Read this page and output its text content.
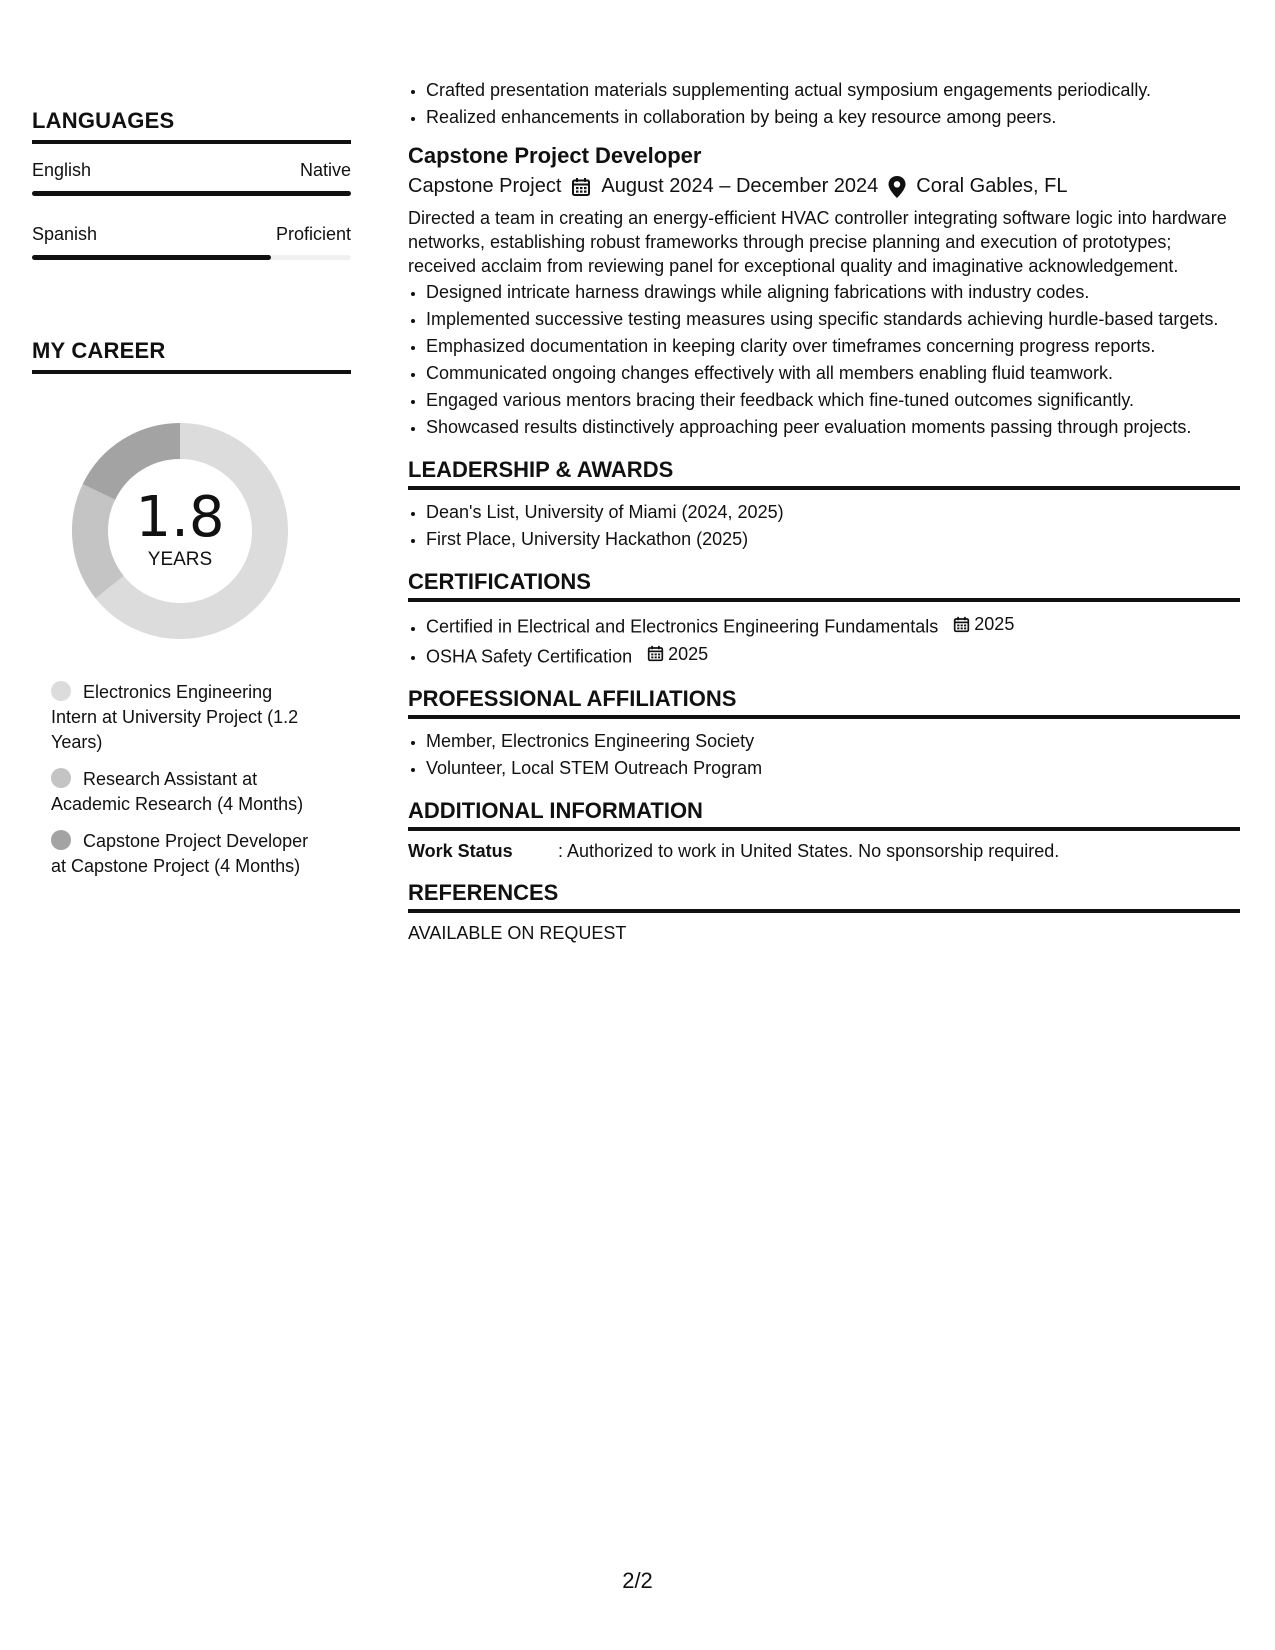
LANGUAGES
English	Native
Spanish	Proficient
MY CAREER
1.8
YEARS
Electronics Engineering Intern at University Project (1.2 Years)
Research Assistant at Academic Research (4 Months)
Capstone Project Developer at Capstone Project (4 Months)
• Crafted presentation materials supplementing actual symposium engagements periodically.
• Realized enhancements in collaboration by being a key resource among peers.
Capstone Project Developer
Capstone Project August 2024 – December 2024 Coral Gables, FL
Directed a team in creating an energy-efficient HVAC controller integrating software logic into hardware networks, establishing robust frameworks through precise planning and execution of prototypes; received acclaim from reviewing panel for exceptional quality and imaginative acknowledgement.
• Designed intricate harness drawings while aligning fabrications with industry codes.
• Implemented successive testing measures using specific standards achieving hurdle-based targets.
• Emphasized documentation in keeping clarity over timeframes concerning progress reports.
• Communicated ongoing changes effectively with all members enabling fluid teamwork.
• Engaged various mentors bracing their feedback which fine-tuned outcomes significantly.
• Showcased results distinctively approaching peer evaluation moments passing through projects.
LEADERSHIP & AWARDS
• Dean's List, University of Miami (2024, 2025)
• First Place, University Hackathon (2025)
CERTIFICATIONS
• Certified in Electrical and Electronics Engineering Fundamentals 2025
• OSHA Safety Certification 2025
PROFESSIONAL AFFILIATIONS
• Member, Electronics Engineering Society
• Volunteer, Local STEM Outreach Program
ADDITIONAL INFORMATION
Work Status	: Authorized to work in United States. No sponsorship required.
REFERENCES
AVAILABLE ON REQUEST
2/2
